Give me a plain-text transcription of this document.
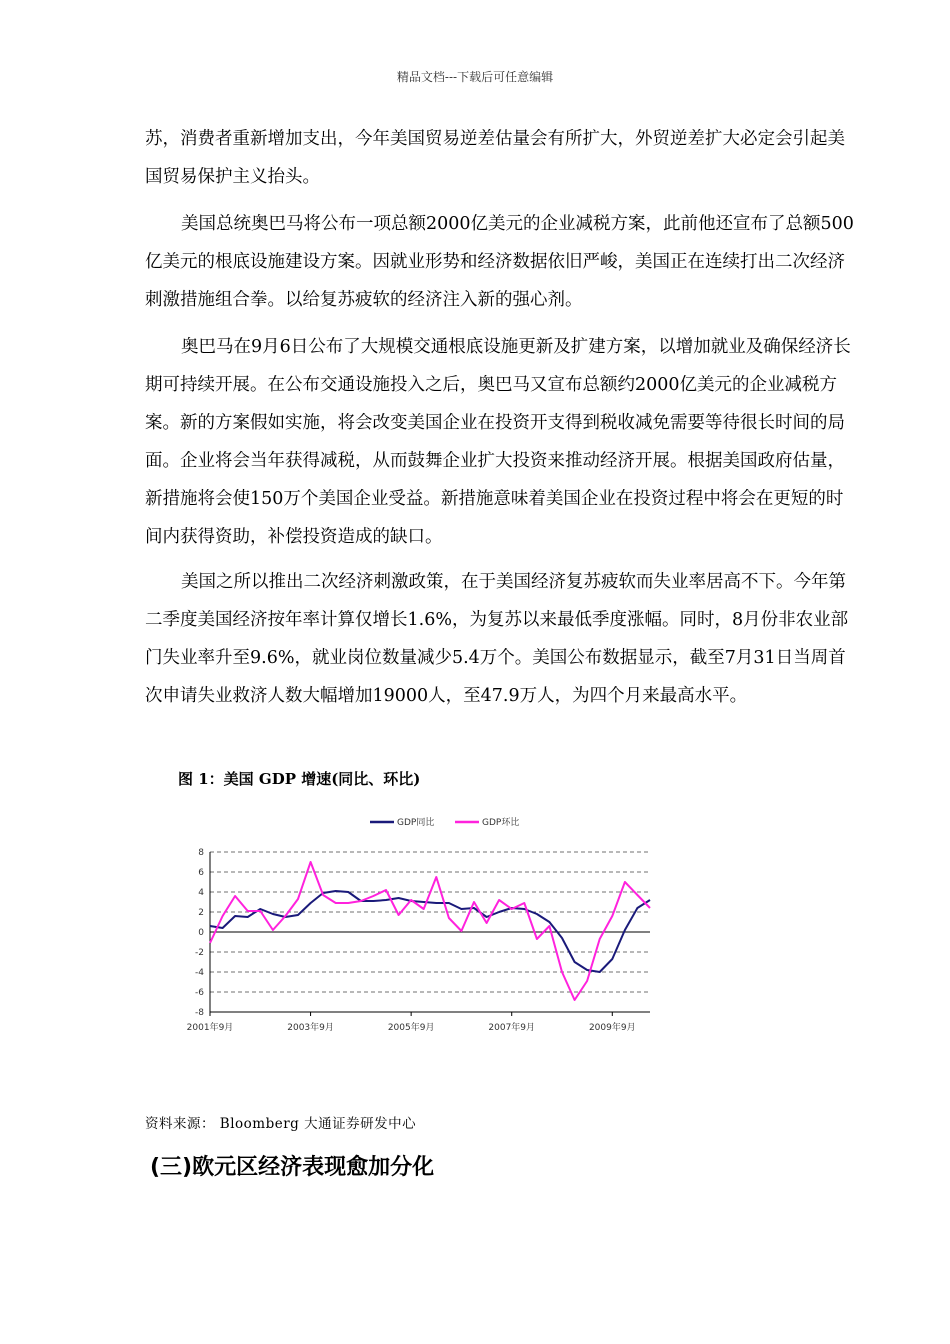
精品文档---下载后可任意编辑

苏，消费者重新增加支出，今年美国贸易逆差估量会有所扩大，外贸逆差扩大必定会引起美国贸易保护主义抬头。

美国总统奥巴马将公布一项总额2000亿美元的企业减税方案，此前他还宣布了总额500亿美元的根底设施建设方案。因就业形势和经济数据依旧严峻，美国正在连续打出二次经济刺激措施组合拳。以给复苏疲软的经济注入新的强心剂。

奥巴马在9月6日公布了大规模交通根底设施更新及扩建方案，以增加就业及确保经济长期可持续开展。在公布交通设施投入之后，奥巴马又宣布总额约2000亿美元的企业减税方案。新的方案假如实施，将会改变美国企业在投资开支得到税收减免需要等待很长时间的局面。企业将会当年获得减税，从而鼓舞企业扩大投资来推动经济开展。根据美国政府估量，新措施将会使150万个美国企业受益。新措施意味着美国企业在投资过程中将会在更短的时间内获得资助，补偿投资造成的缺口。

美国之所以推出二次经济刺激政策，在于美国经济复苏疲软而失业率居高不下。今年第二季度美国经济按年率计算仅增长1.6%，为复苏以来最低季度涨幅。同时，8月份非农业部门失业率升至9.6%，就业岗位数量减少5.4万个。美国公布数据显示，截至7月31日当周首次申请失业救济人数大幅增加19000人，至47.9万人，为四个月来最高水平。

图 1：美国 GDP 增速(同比、环比)
8
6
4
2
0
-2
-4
-6
-8
2001年9月	2003年9月	2005年9月	2007年9月	2009年9月
GDP同比	GDP环比
资料来源： Bloomberg 大通证券研发中心
(三)欧元区经济表现愈加分化
